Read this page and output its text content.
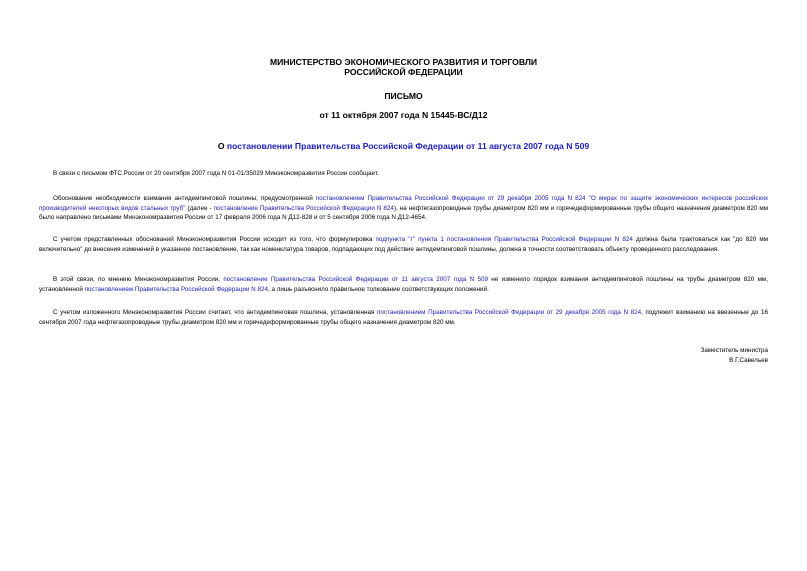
МИНИСТЕРСТВО ЭКОНОМИЧЕСКОГО РАЗВИТИЯ И ТОРГОВЛИ
РОССИЙСКОЙ ФЕДЕРАЦИИ
ПИСЬМО
от 11 октября 2007 года N 15445-ВС/Д12
О постановлении Правительства Российской Федерации от 11 августа 2007 года N 509
В связи с письмом ФТС России от 20 сентября 2007 года N 01-01/35029 Минэкономразвития России сообщает.
Обоснование необходимости взимания антидемпинговой пошлины, предусмотренной постановлением Правительства Российской Федерации от 29 декабря 2005 года N 824 "О мерах по защите экономических интересов российских производителей некоторых видов стальных труб" (далее - постановление Правительства Российской Федерации N 824), на нефтегазопроводные трубы диаметром 820 мм и горячедеформированные трубы общего назначения диаметром 820 мм было направлено письмами Минэкономразвития России от 17 февраля 2006 года N Д12-828 и от 5 сентября 2006 года N Д12-4654.
С учетом представленных обоснований Минэкономразвития России исходит из того, что формулировка подпункта "г" пункта 1 постановления Правительства Российской Федерации N 824 должна была трактоваться как "до 820 мм включительно" до внесения изменений в указанное постановление, так как номенклатура товаров, подпадающих под действие антидемпинговой пошлины, должна в точности соответствовать объекту проведенного расследования.
В этой связи, по мнению Минэкономразвития России, постановление Правительства Российской Федерации от 11 августа 2007 года N 509 не изменило порядок взимания антидемпинговой пошлины на трубы диаметром 820 мм, установленной постановлением Правительства Российской Федерации N 824, а лишь разъяснило правильное толкование соответствующих положений.
С учетом изложенного Минэкономразвития России считает, что антидемпинговая пошлина, установленная постановлением Правительства Российской Федерации от 29 декабря 2005 года N 824, подлежит взиманию на ввезенные до 16 сентября 2007 года нефтегазопроводные трубы диаметром 820 мм и горячедеформированные трубы общего назначения диаметром 820 мм.
Заместитель министра
В.Г.Савельев
